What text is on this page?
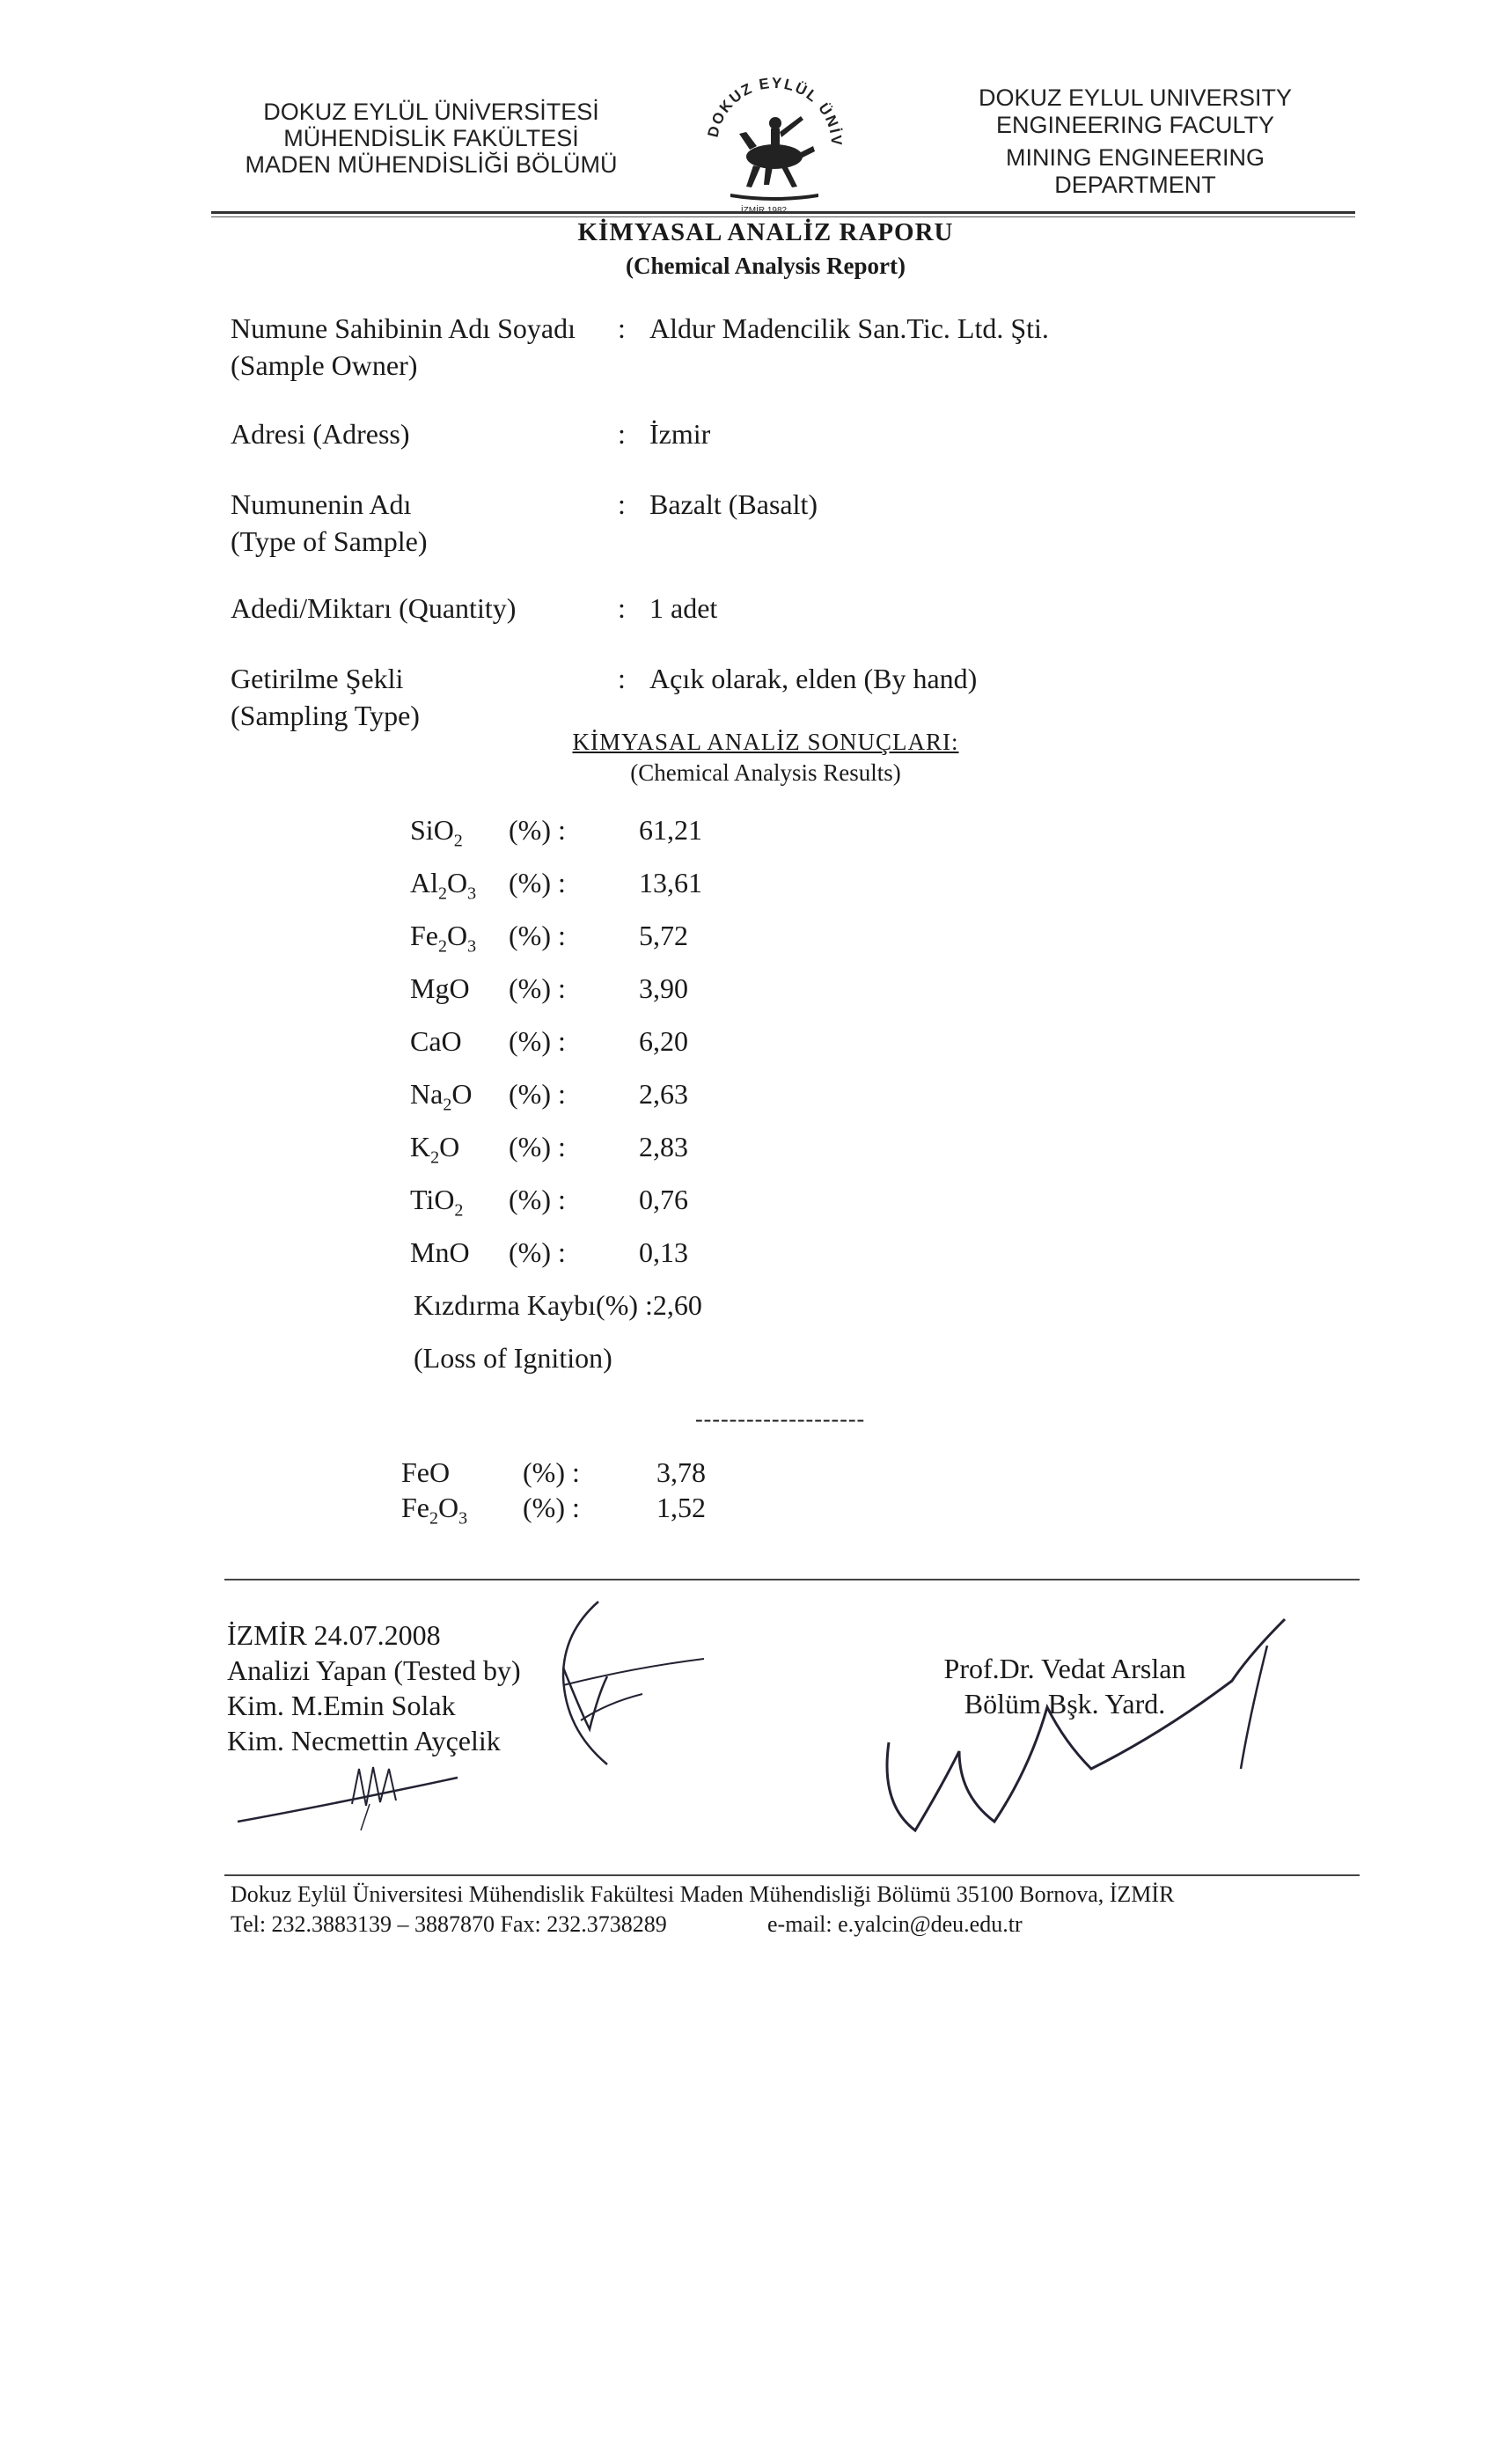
DOKUZ EYLÜL ÜNİVERSİTESİ
MÜHENDİSLİK FAKÜLTESİ
MADEN MÜHENDİSLİĞİ BÖLÜMÜ
DOKUZ EYLÜL ÜNİV
İZMİR 1982
DOKUZ EYLUL UNIVERSITY
ENGINEERING FACULTY
MINING ENGINEERING
DEPARTMENT
KİMYASAL ANALİZ RAPORU
(Chemical Analysis Report)
Numune Sahibinin Adı Soyadı
(Sample Owner)
: Aldur Madencilik San.Tic. Ltd. Şti.
Adresi (Adress)	: İzmir
Numunenin Adı
(Type of Sample)
: Bazalt (Basalt)
Adedi/Miktarı (Quantity)	: 1 adet
Getirilme Şekli
(Sampling Type)
: Açık olarak, elden (By hand)
KİMYASAL ANALİZ SONUÇLARI:
(Chemical Analysis Results)
SiO$_2$ (%) :	61,21
$Al_2O_3$ (%) :	13,61
$Fe_2O_3$ (%) :	5,72
MgO (%) :	3,90
CaO (%) :	6,20
$Na_2O$ (%) :	2,63
$K_2O$ (%) :	2,83
TiO$_2$ (%) :	0,76
MnO (%) :	0,13
Kızdırma Kaybı(%) :2,60
(Loss of Ignition)
--------------------
FeO	(%) :	3,78
$Fe_2O_3$ (%) :	1,52
İZMİR 24.07.2008
Analizi Yapan (Tested by)
Kim. M.Emin Solak
Kim. Necmettin Ayçelik
Prof.Dr. Vedat Arslan
Bölüm Bşk. Yard.
Dokuz Eylül Üniversitesi Mühendislik Fakültesi Maden Mühendisliği Bölümü 35100 Bornova, İZMİR
Tel: 232.3883139 – 3887870 Fax: 232.3738289	e-mail: e.yalcin@deu.edu.tr
